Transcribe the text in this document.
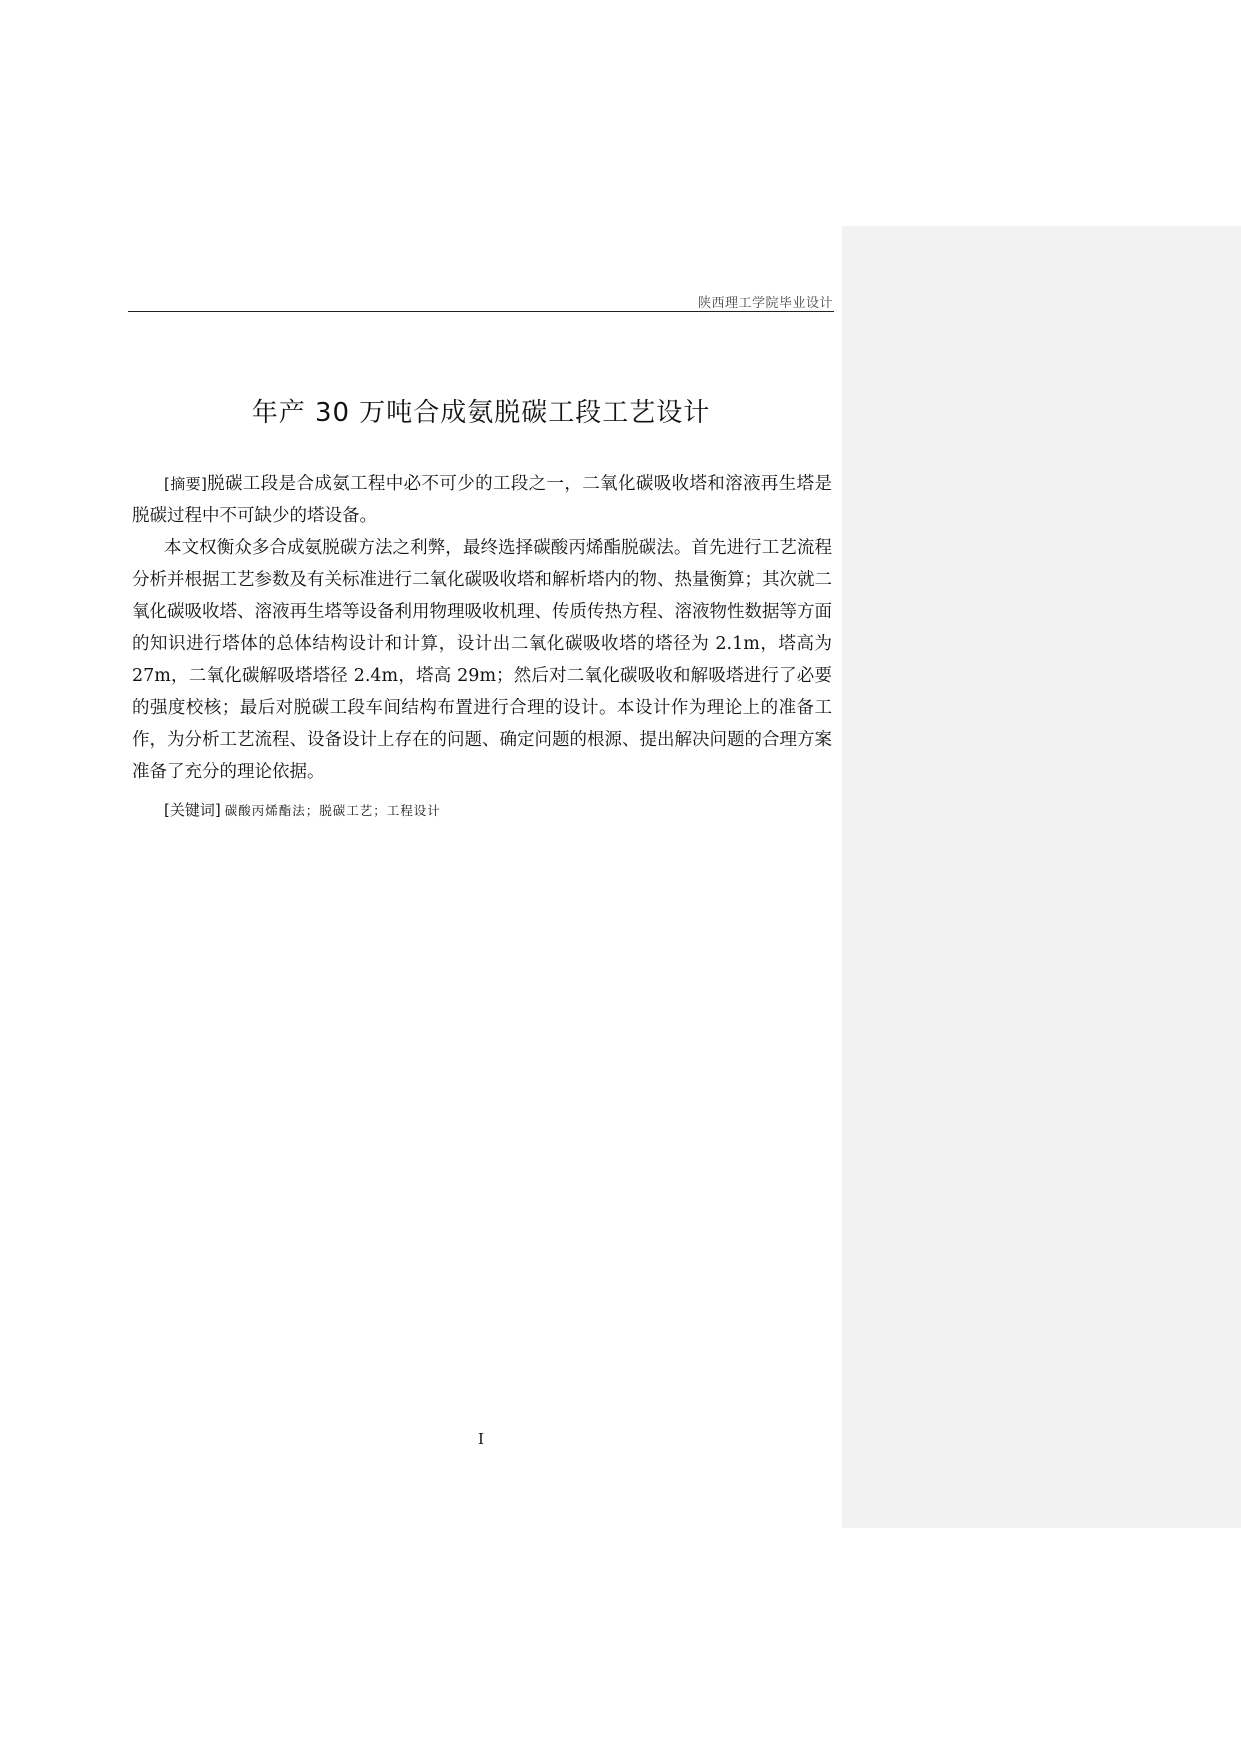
陕西理工学院毕业设计
年产 30 万吨合成氨脱碳工段工艺设计

[摘要]脱碳工段是合成氨工程中必不可少的工段之一，二氧化碳吸收塔和溶液再生塔是脱碳过程中不可缺少的塔设备。

本文权衡众多合成氨脱碳方法之利弊，最终选择碳酸丙烯酯脱碳法。首先进行工艺流程分析并根据工艺参数及有关标准进行二氧化碳吸收塔和解析塔内的物、热量衡算；其次就二氧化碳吸收塔、溶液再生塔等设备利用物理吸收机理、传质传热方程、溶液物性数据等方面的知识进行塔体的总体结构设计和计算，设计出二氧化碳吸收塔的塔径为 2.1m，塔高为 27m，二氧化碳解吸塔塔径 2.4m，塔高 29m；然后对二氧化碳吸收和解吸塔进行了必要的强度校核；最后对脱碳工段车间结构布置进行合理的设计。本设计作为理论上的准备工作，为分析工艺流程、设备设计上存在的问题、确定问题的根源、提出解决问题的合理方案准备了充分的理论依据。

[关键词] 碳酸丙烯酯法；脱碳工艺；工程设计

I
